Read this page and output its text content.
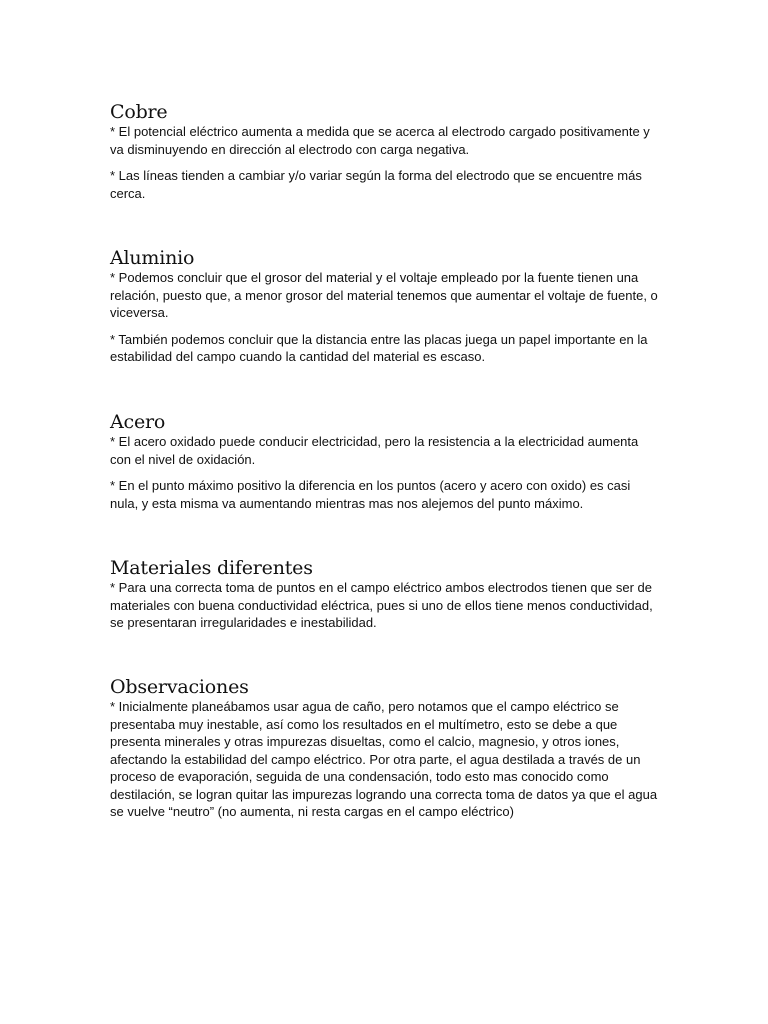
Cobre

* El potencial eléctrico aumenta a medida que se acerca al electrodo cargado positivamente y va disminuyendo en dirección al electrodo con carga negativa.

* Las líneas tienden a cambiar y/o variar según la forma del electrodo que se encuentre más cerca.

Aluminio

* Podemos concluir que el grosor del material y el voltaje empleado por la fuente tienen una relación, puesto que, a menor grosor del material tenemos que aumentar el voltaje de fuente, o viceversa.

* También podemos concluir que la distancia entre las placas juega un papel importante en la estabilidad del campo cuando la cantidad del material es escaso.

Acero

* El acero oxidado puede conducir electricidad, pero la resistencia a la electricidad aumenta con el nivel de oxidación.

* En el punto máximo positivo la diferencia en los puntos (acero y acero con oxido) es casi nula, y esta misma va aumentando mientras mas nos alejemos del punto máximo.

Materiales diferentes

* Para una correcta toma de puntos en el campo eléctrico ambos electrodos tienen que ser de materiales con buena conductividad eléctrica, pues si uno de ellos tiene menos conductividad, se presentaran irregularidades e inestabilidad.

Observaciones

* Inicialmente planeábamos usar agua de caño, pero notamos que el campo eléctrico se presentaba muy inestable, así como los resultados en el multímetro, esto se debe a que presenta minerales y otras impurezas disueltas, como el calcio, magnesio, y otros iones, afectando la estabilidad del campo eléctrico. Por otra parte, el agua destilada a través de un proceso de evaporación, seguida de una condensación, todo esto mas conocido como destilación, se logran quitar las impurezas logrando una correcta toma de datos ya que el agua se vuelve “neutro” (no aumenta, ni resta cargas en el campo eléctrico)
